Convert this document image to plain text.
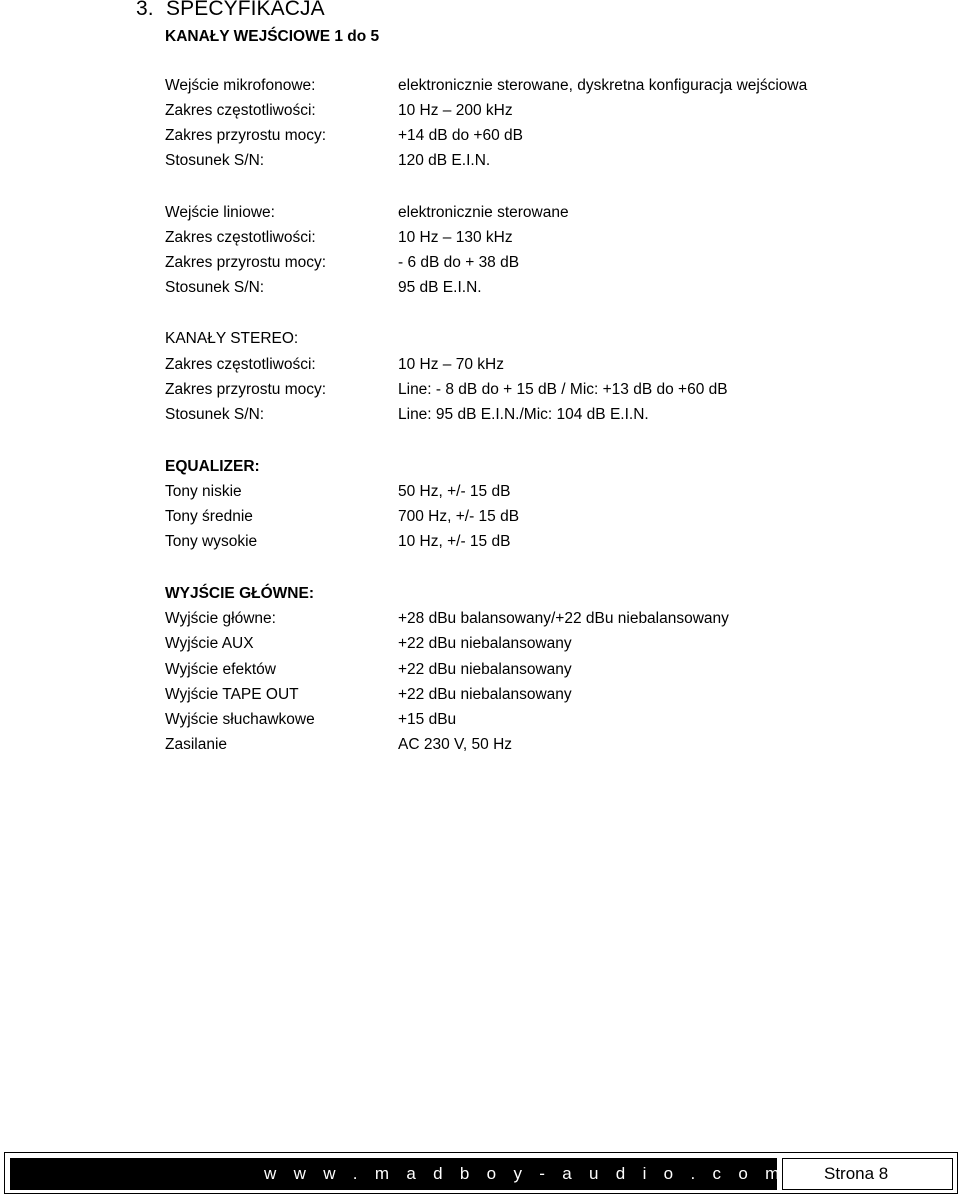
3. SPECYFIKACJA
KANAŁY WEJŚCIOWE 1 do 5
Wejście mikrofonowe:	elektronicznie sterowane, dyskretna konfiguracja wejściowa
Zakres częstotliwości:	10 Hz – 200 kHz
Zakres przyrostu mocy:	+14 dB do +60 dB
Stosunek S/N:	120 dB E.I.N.
Wejście liniowe:	elektronicznie sterowane
Zakres częstotliwości:	10 Hz – 130 kHz
Zakres przyrostu mocy:	- 6 dB do + 38 dB
Stosunek S/N:	95 dB E.I.N.
KANAŁY STEREO:
Zakres częstotliwości:	10 Hz – 70 kHz
Zakres przyrostu mocy:	Line: - 8 dB do + 15 dB / Mic: +13 dB do +60 dB
Stosunek S/N:	Line: 95 dB E.I.N./Mic: 104 dB E.I.N.
EQUALIZER:
Tony niskie	50 Hz, +/- 15 dB
Tony średnie	700 Hz, +/- 15 dB
Tony wysokie	10 Hz, +/- 15 dB
WYJŚCIE GŁÓWNE:
Wyjście główne:	+28 dBu balansowany/+22 dBu niebalansowany
Wyjście AUX	+22 dBu niebalansowany
Wyjście efektów	+22 dBu niebalansowany
Wyjście TAPE OUT	+22 dBu niebalansowany
Wyjście słuchawkowe	+15 dBu
Zasilanie	AC 230 V, 50 Hz
w w w . m a d b o y - a u d i o . c o m	Strona 8
